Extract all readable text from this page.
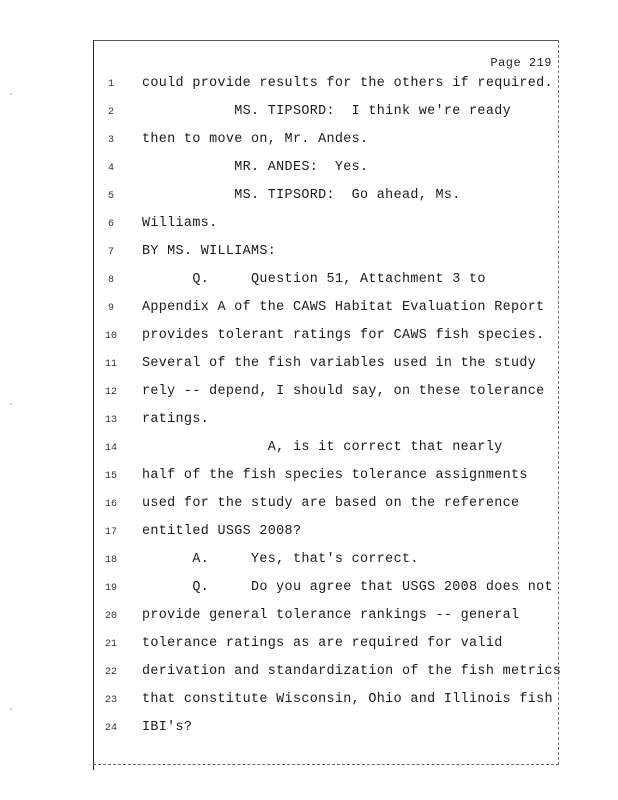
·
·
·
Page 219
1	could provide results for the others if required.
2	MS. TIPSORD:  I think we're ready
3	then to move on, Mr. Andes.
4	MR. ANDES:  Yes.
5	MS. TIPSORD:  Go ahead, Ms.
6	Williams.
7	BY MS. WILLIAMS:
8	Q.     Question 51, Attachment 3 to
9	Appendix A of the CAWS Habitat Evaluation Report
10 provides tolerant ratings for CAWS fish species.
11 Several of the fish variables used in the study
12 rely -- depend, I should say, on these tolerance
13 ratings.
14 A, is it correct that nearly
15 half of the fish species tolerance assignments
16 used for the study are based on the reference
17 entitled USGS 2008?
18 A.     Yes, that's correct.
19 Q.     Do you agree that USGS 2008 does not
20 provide general tolerance rankings -- general
21 tolerance ratings as are required for valid
22 derivation and standardization of the fish metrics
23 that constitute Wisconsin, Ohio and Illinois fish
24 IBI's?
